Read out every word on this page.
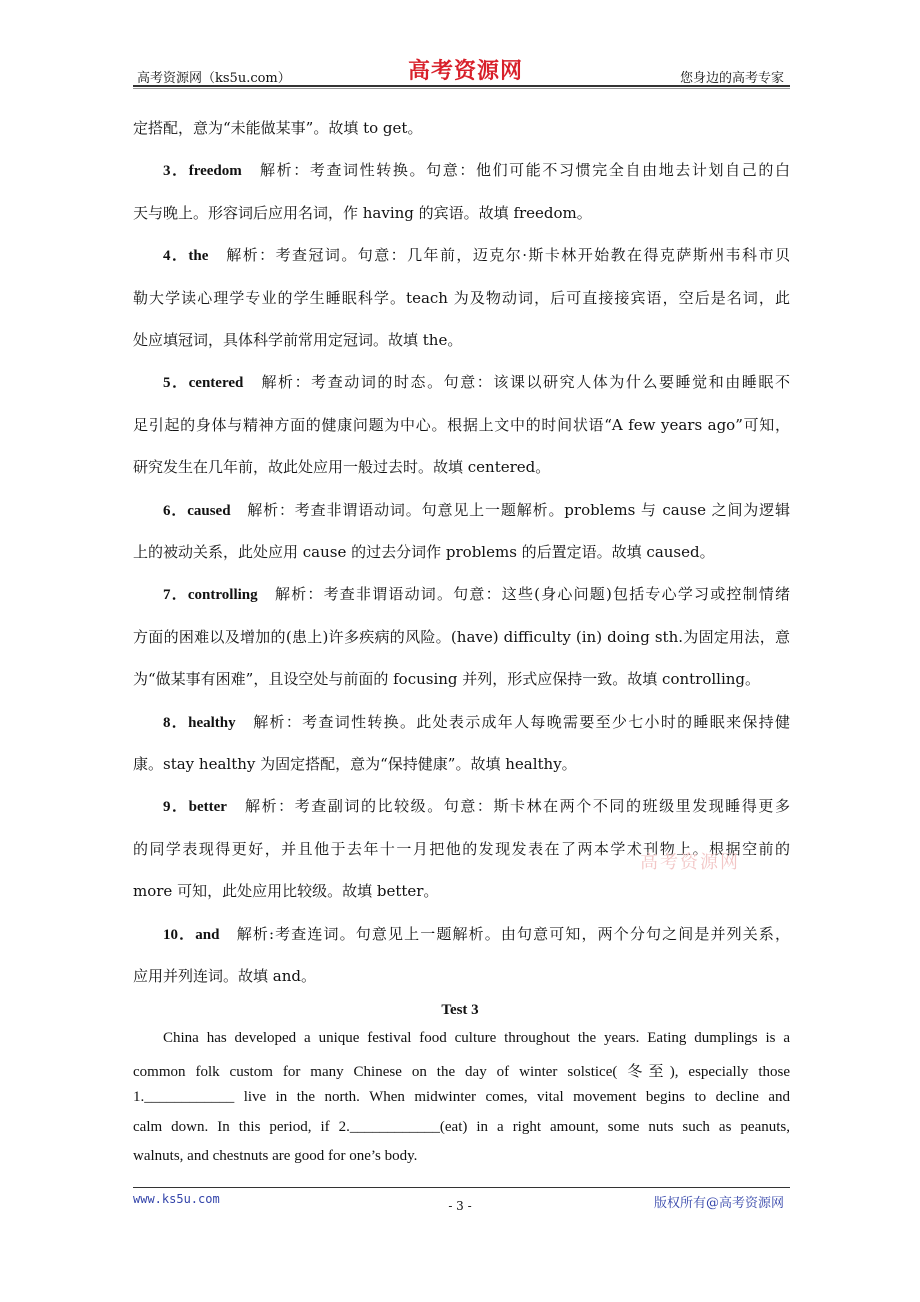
高考资源网（ks5u.com）	高考资源网	您身边的高考专家
定搭配，意为“未能做某事”。故填 to get。
3．freedom　解析：考查词性转换。句意：他们可能不习惯完全自由地去计划自己的白
天与晚上。形容词后应用名词，作 having 的宾语。故填 freedom。
4．the　解析：考查冠词。句意：几年前，迈克尔·斯卡林开始教在得克萨斯州韦科市贝
勒大学读心理学专业的学生睡眠科学。teach 为及物动词，后可直接接宾语，空后是名词，此
处应填冠词，具体科学前常用定冠词。故填 the。
5．centered　解析：考查动词的时态。句意：该课以研究人体为什么要睡觉和由睡眠不
足引起的身体与精神方面的健康问题为中心。根据上文中的时间状语“A few years ago”可知，
研究发生在几年前，故此处应用一般过去时。故填 centered。
6．caused　解析：考查非谓语动词。句意见上一题解析。problems 与 cause 之间为逻辑
上的被动关系，此处应用 cause 的过去分词作 problems 的后置定语。故填 caused。
7．controlling　解析：考查非谓语动词。句意：这些(身心问题)包括专心学习或控制情绪
方面的困难以及增加的(患上)许多疾病的风险。(have) difficulty (in) doing sth.为固定用法，意
为“做某事有困难”，且设空处与前面的 focusing 并列，形式应保持一致。故填 controlling。
8．healthy　解析：考查词性转换。此处表示成年人每晚需要至少七小时的睡眠来保持健
康。stay healthy 为固定搭配，意为“保持健康”。故填 healthy。
9．better　解析：考查副词的比较级。句意：斯卡林在两个不同的班级里发现睡得更多
的同学表现得更好，并且他于去年十一月把他的发现发表在了两本学术刊物上。根据空前的
more 可知，此处应用比较级。故填 better。
10．and　解析:考查连词。句意见上一题解析。由句意可知，两个分句之间是并列关系，
应用并列连词。故填 and。
高考资源网
Test 3
China has developed a unique festival food culture throughout the years. Eating dumplings is a
common folk custom for many Chinese on the day of winter solstice( 冬至), especially those
1.____________ live in the north. When midwinter comes, vital movement begins to decline and
calm down. In this period, if 2.____________(eat) in a right amount, some nuts such as peanuts,
walnuts, and chestnuts are good for one’s body.
www.ks5u.com	- 3 -	版权所有@高考资源网
